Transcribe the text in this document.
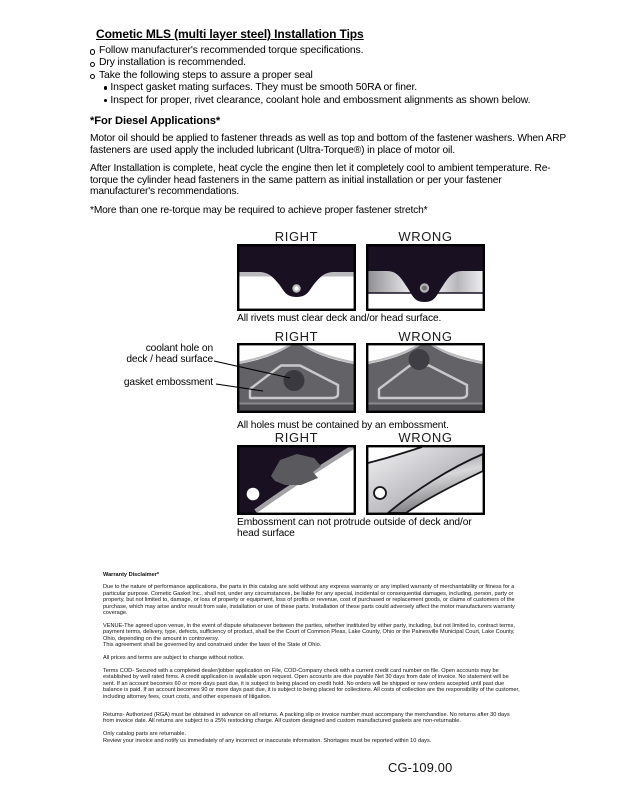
Cometic MLS (multi layer steel) Installation Tips
Follow manufacturer's recommended torque specifications.
Dry installation is recommended.
Take the following steps to assure a proper seal
Inspect gasket mating surfaces. They must be smooth 50RA or finer.
Inspect for proper, rivet clearance, coolant hole and embossment alignments as shown below.
*For Diesel Applications*
Motor oil should be applied to fastener threads as well as top and bottom of the fastener washers. When ARP fasteners are used apply the included lubricant (Ultra-Torque®) in place of motor oil.
After Installation is complete, heat cycle the engine then let it completely cool to ambient temperature. Re-torque the cylinder head fasteners in the same pattern as initial installation or per your fastener manufacturer's recommendations.
*More than one re-torque may be required to achieve proper fastener stretch*
RIGHT	WRONG
All rivets must clear deck and/or head surface.
RIGHT	WRONG
All holes must be contained by an embossment.
coolant hole on
deck / head surface
gasket embossment
RIGHT	WRONG
Embossment can not protrude outside of deck and/or head surface
Warranty Disclaimer*

Due to the nature of performance applications, the parts in this catalog are sold without any express warranty or any implied warranty of merchantability or fitness for a particular purpose. Cometic Gasket Inc., shall not, under any circumstances, be liable for any special, incidental or consequential damages, including, person, party or property, but not limited to, damage, or loss of property or equipment, loss of profits or revenue, cost of purchased or replacement goods, or claims of customers of the purchase, which may arise and/or result from sale, installation or use of these parts. Installation of these parts could adversely affect the motor manufacturers warranty coverage.

VENUE-The agreed upon venue, in the event of dispute whatsoever between the parties, whether instituted by either party, including, but not limited to, contract terms, payment terms, delivery, type, defects, sufficiency of product, shall be the Court of Common Pleas, Lake County, Ohio or the Painesville Municipal Court, Lake County, Ohio, depending on the amount in controversy.

This agreement shall be governed by and construed under the laws of the State of Ohio.

All prices and terms are subject to change without notice.

Terms COD- Secured with a completed dealer/jobber application on File, COD-Company check with a current credit card number on file. Open accounts may be established by well rated firms. A credit application is available upon request. Open accounts are due payable Net 30 days from date of invoice. No statement will be sent. If an account becomes 60 or more days past due, it is subject to being placed on credit hold. No orders will be shipped or new orders accepted until past due balance is paid. If an account becomes 90 or more days past due, it is subject to being placed for collections. All costs of collection are the responsibility of the customer, including attorney fees, court costs, and other expenses of litigation.

Returns- Authorized (RGA) must be obtained in advance on all returns. A packing slip or invoice number must accompany the merchandise. No returns after 30 days from invoice date. All returns are subject to a 25% restocking charge. All custom designed and custom manufactured gaskets are non-returnable.

Only catalog parts are returnable.

Review your invoice and notify us immediately of any incorrect or inaccurate information. Shortages must be reported within 10 days.

CG-109.00
